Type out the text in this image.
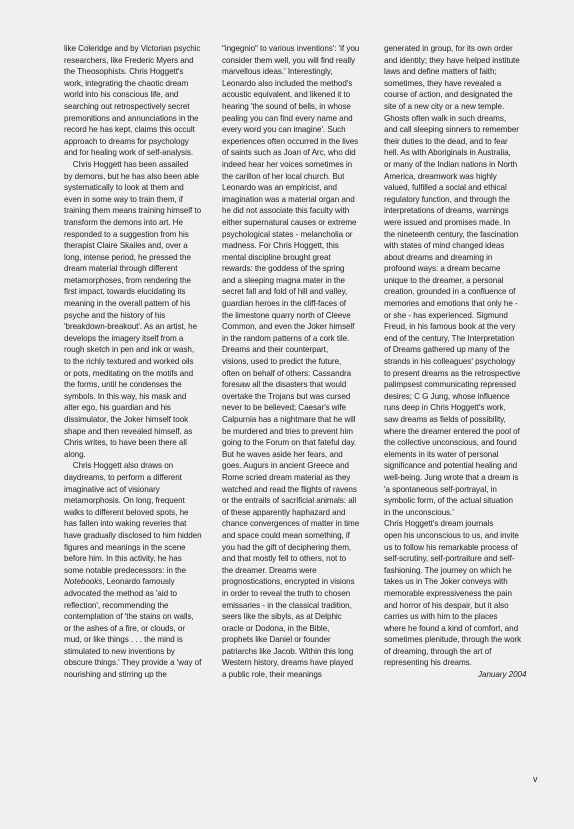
like Coleridge and by Victorian psychic

researchers, like Frederic Myers and

the Theosophists. Chris Hoggett's

work, integrating the chaotic dream

world into his conscious life, and

searching out retrospectively secret

premonitions and annunciations in the

record he has kept, claims this occult

approach to dreams for psychology

and for healing work of self-analysis.

Chris Hoggett has been assailed

by demons, but he has also been able

systematically to look at them and

even in some way to train them, if

training them means training himself to

transform the demons into art. He

responded to a suggestion from his

therapist Claire Skailes and, over a

long, intense period, he pressed the

dream material through different

metamorphoses, from rendering the

first impact, towards elucidating its

meaning in the overall pattern of his

psyche and the history of his

'breakdown-breakout'. As an artist, he

develops the imagery itself from a

rough sketch in pen and ink or wash,

to the richly textured and worked oils

or pots, meditating on the motifs and

the forms, until he condenses the

symbols. In this way, his mask and

alter ego, his guardian and his

dissimulator, the Joker himself took

shape and then revealed himself, as

Chris writes, to have been there all

along.

Chris Hoggett also draws on

daydreams, to perform a different

imaginative act of visionary

metamorphosis. On long, frequent

walks to different beloved spots, he

has fallen into waking reveries that

have gradually disclosed to him hidden

figures and meanings in the scene

before him. In this activity, he has

some notable predecessors: in the

Notebooks, Leonardo famously

advocated the method as 'aid to

reflection', recommending the

contemplation of 'the stains on walls,

or the ashes of a fire, or clouds, or

mud, or like things . . . the mind is

stimulated to new inventions by

obscure things.' They provide a 'way of

nourishing and stirring up the

"ingegnio" to various inventions': 'if you

consider them well, you will find really

marvellous ideas.' Interestingly,

Leonardo also included the method's

acoustic equivalent, and likened it to

hearing 'the sound of bells, in whose

pealing you can find every name and

every word you can imagine'. Such

experiences often occurred in the lives

of saints such as Joan of Arc, who did

indeed hear her voices sometimes in

the carillon of her local church. But

Leonardo was an empiricist, and

imagination was a material organ and

he did not associate this faculty with

either supernatural causes or extreme

psychological states - melancholia or

madness. For Chris Hoggett, this

mental discipline brought great

rewards: the goddess of the spring

and a sleeping magna mater in the

secret fall and fold of hill and valley,

guardian heroes in the cliff-faces of

the limestone quarry north of Cleeve

Common, and even the Joker himself

in the random patterns of a cork tile.

Dreams and their counterpart,

visions, used to predict the future,

often on behalf of others: Cassandra

foresaw all the disasters that would

overtake the Trojans but was cursed

never to be believed; Caesar's wife

Calpurnia has a nightmare that he will

be murdered and tries to prevent him

going to the Forum on that fateful day.

But he waves aside her fears, and

goes. Augurs in ancient Greece and

Rome scried dream material as they

watched and read the flights of ravens

or the entrails of sacrificial animals: all

of these apparently haphazard and

chance convergences of matter in time

and space could mean something, if

you had the gift of deciphering them,

and that mostly fell to others, not to

the dreamer. Dreams were

prognostications, encrypted in visions

in order to reveal the truth to chosen

emissaries - in the classical tradition,

seers like the sibyls, as at Delphic

oracle or Dodona, in the Bible,

prophets like Daniel or founder

patriarchs like Jacob. Within this long

Western history, dreams have played

a public role, their meanings

generated in group, for its own order

and identity; they have helped institute

laws and define matters of faith;

sometimes, they have revealed a

course of action, and designated the

site of a new city or a new temple.

Ghosts often walk in such dreams,

and call sleeping sinners to remember

their duties to the dead, and to fear

hell. As with Aboriginals in Australia,

or many of the Indian nations in North

America, dreamwork was highly

valued, fulfilled a social and ethical

regulatory function, and through the

interpretations of dreams, warnings

were issued and promises made. In

the nineteenth century, the fascination

with states of mind changed ideas

about dreams and dreaming in

profound ways: a dream became

unique to the dreamer, a personal

creation, grounded in a confluence of

memories and emotions that only he -

or she - has experienced. Sigmund

Freud, in his famous book at the very

end of the century, The Interpretation

of Dreams gathered up many of the

strands in his colleagues' psychology

to present dreams as the retrospective

palimpsest communicating repressed

desires; C G Jung, whose influence

runs deep in Chris Hoggett's work,

saw dreams as fields of possibility,

where the dreamer entered the pool of

the collective unconscious, and found

elements in its water of personal

significance and potential healing and

well-being. Jung wrote that a dream is

'a spontaneous self-portrayal, in

symbolic form, of the actual situation

in the unconscious.'

Chris Hoggett's dream journals

open his unconscious to us, and invite

us to follow his remarkable process of

self-scrutiny, self-portraiture and self-

fashioning. The journey on which he

takes us in The Joker conveys with

memorable expressiveness the pain

and horror of his despair, but it also

carries us with him to the places

where he found a kind of comfort, and

sometimes plenitude, through the work

of dreaming, through the art of

representing his dreams.

January 2004

v
